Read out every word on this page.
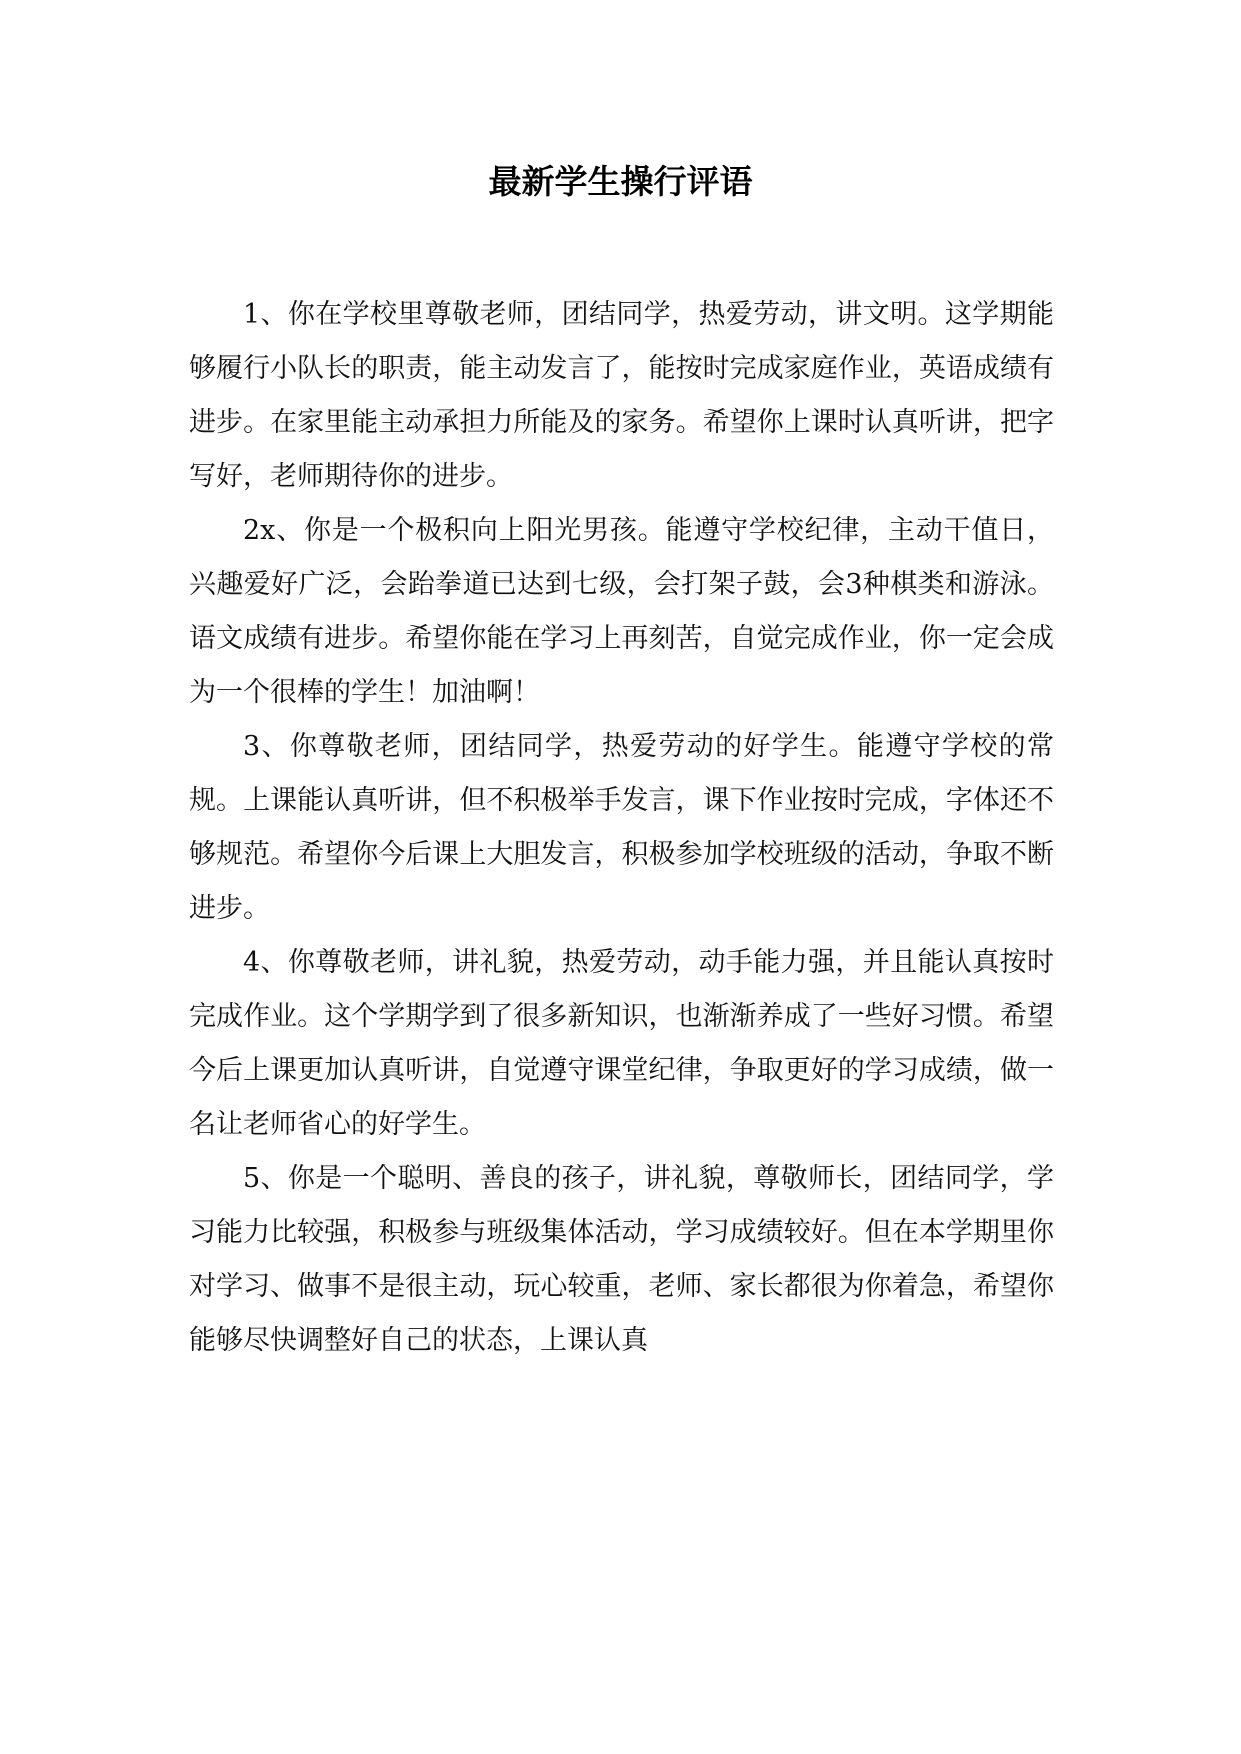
最新学生操行评语

1、你在学校里尊敬老师，团结同学，热爱劳动，讲文明。这学期能够履行小队长的职责，能主动发言了，能按时完成家庭作业，英语成绩有进步。在家里能主动承担力所能及的家务。希望你上课时认真听讲，把字写好，老师期待你的进步。

2x、你是一个极积向上阳光男孩。能遵守学校纪律，主动干值日，兴趣爱好广泛，会跆拳道已达到七级，会打架子鼓，会3种棋类和游泳。语文成绩有进步。希望你能在学习上再刻苦，自觉完成作业，你一定会成为一个很棒的学生！加油啊！

3、你尊敬老师，团结同学，热爱劳动的好学生。能遵守学校的常规。上课能认真听讲，但不积极举手发言，课下作业按时完成，字体还不够规范。希望你今后课上大胆发言，积极参加学校班级的活动，争取不断进步。

4、你尊敬老师，讲礼貌，热爱劳动，动手能力强，并且能认真按时完成作业。这个学期学到了很多新知识，也渐渐养成了一些好习惯。希望今后上课更加认真听讲，自觉遵守课堂纪律，争取更好的学习成绩，做一名让老师省心的好学生。

5、你是一个聪明、善良的孩子，讲礼貌，尊敬师长，团结同学，学习能力比较强，积极参与班级集体活动，学习成绩较好。但在本学期里你对学习、做事不是很主动，玩心较重，老师、家长都很为你着急，希望你能够尽快调整好自己的状态，上课认真
